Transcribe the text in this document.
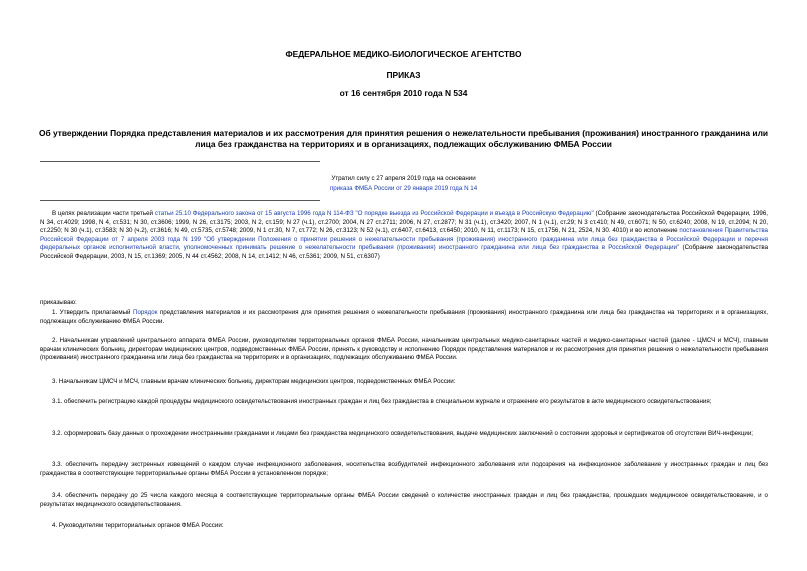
ФЕДЕРАЛЬНОЕ МЕДИКО-БИОЛОГИЧЕСКОЕ АГЕНТСТВО
ПРИКАЗ
от 16 сентября 2010 года N 534
Об утверждении Порядка представления материалов и их рассмотрения для принятия решения о нежелательности пребывания (проживания) иностранного гражданина или лица без гражданства на территориях и в организациях, подлежащих обслуживанию ФМБА России
Утратил силу с 27 апреля 2019 года на основании
приказа ФМБА России от 29 января 2019 года N 14

В целях реализации части третьей статьи 25.10 Федерального закона от 15 августа 1996 года N 114-ФЗ "О порядке выезда из Российской Федерации и въезда в Российскую Федерацию" (Собрание законодательства Российской Федерации, 1996, N 34, ст.4029; 1998, N 4, ст.531; N 30, ст.3606; 1999, N 26, ст.3175; 2003, N 2, ст.159; N 27 (ч.1), ст.2700; 2004, N 27 ст.2711; 2006, N 27, ст.2877; N 31 (ч.1), ст.3420; 2007, N 1 (ч.1), ст.29; N 3 ст.410; N 49, ст.6071; N 50, ст.6240; 2008, N 19, ст.2094; N 20, ст.2250; N 30 (ч.1), ст.3583; N 30 (ч.2), ст.3616; N 49, ст.5735, ст.5748; 2009, N 1 ст.30, N 7, ст.772; N 26, ст.3123; N 52 (ч.1), ст.6407, ст.6413, ст.6450; 2010, N 11, ст.1173; N 15, ст.1756, N 21, 2524, N 30. 4010) и во исполнение постановления Правительства Российской Федерации от 7 апреля 2003 года N 199 "Об утверждении Положения о принятии решения о нежелательности пребывания (проживания) иностранного гражданина или лица без гражданства в Российской Федерации и перечня федеральных органов исполнительной власти, уполномоченных принимать решение о нежелательности пребывания (проживания) иностранного гражданина или лица без гражданства в Российской Федерации" (Собрание законодательства Российской Федерации, 2003, N 15, ст.1369; 2005, N 44 ст.4562; 2008, N 14, ст.1412; N 46, ст.5361; 2009, N 51, ст.6307)

приказываю:

1. Утвердить прилагаемый Порядок представления материалов и их рассмотрения для принятия решения о нежелательности пребывания (проживания) иностранного гражданина или лица без гражданства на территориях и в организациях, подлежащих обслуживанию ФМБА России.

2. Начальникам управлений центрального аппарата ФМБА России, руководителям территориальных органов ФМБА России, начальникам центральных медико-санитарных частей и медико-санитарных частей (далее - ЦМСЧ и МСЧ), главным врачам клинических больниц, директорам медицинских центров, подведомственных ФМБА России, принять к руководству и исполнению Порядок представления материалов и их рассмотрения для принятия решения о нежелательности пребывания (проживания) иностранного гражданина или лица без гражданства на территориях и в организациях, подлежащих обслуживанию ФМБА России.

3. Начальникам ЦМСЧ и МСЧ, главным врачам клинических больниц, директорам медицинских центров, подведомственных ФМБА России:

3.1. обеспечить регистрацию каждой процедуры медицинского освидетельствования иностранных граждан и лиц без гражданства в специальном журнале и отражение его результатов в акте медицинского освидетельствования;

3.2. сформировать базу данных о прохождении иностранными гражданами и лицами без гражданства медицинского освидетельствования, выдаче медицинских заключений о состоянии здоровья и сертификатов об отсутствии ВИЧ-инфекции;

3.3. обеспечить передачу экстренных извещений о каждом случае инфекционного заболевания, носительства возбудителей инфекционного заболевания или подозрения на инфекционное заболевание у иностранных граждан и лиц без гражданства в соответствующие территориальные органы ФМБА России в установленном порядке;

3.4. обеспечить передачу до 25 числа каждого месяца в соответствующие территориальные органы ФМБА России сведений о количестве иностранных граждан и лиц без гражданства, прошедших медицинское освидетельствование, и о результатах медицинского освидетельствования.

4. Руководителям территориальных органов ФМБА России:
